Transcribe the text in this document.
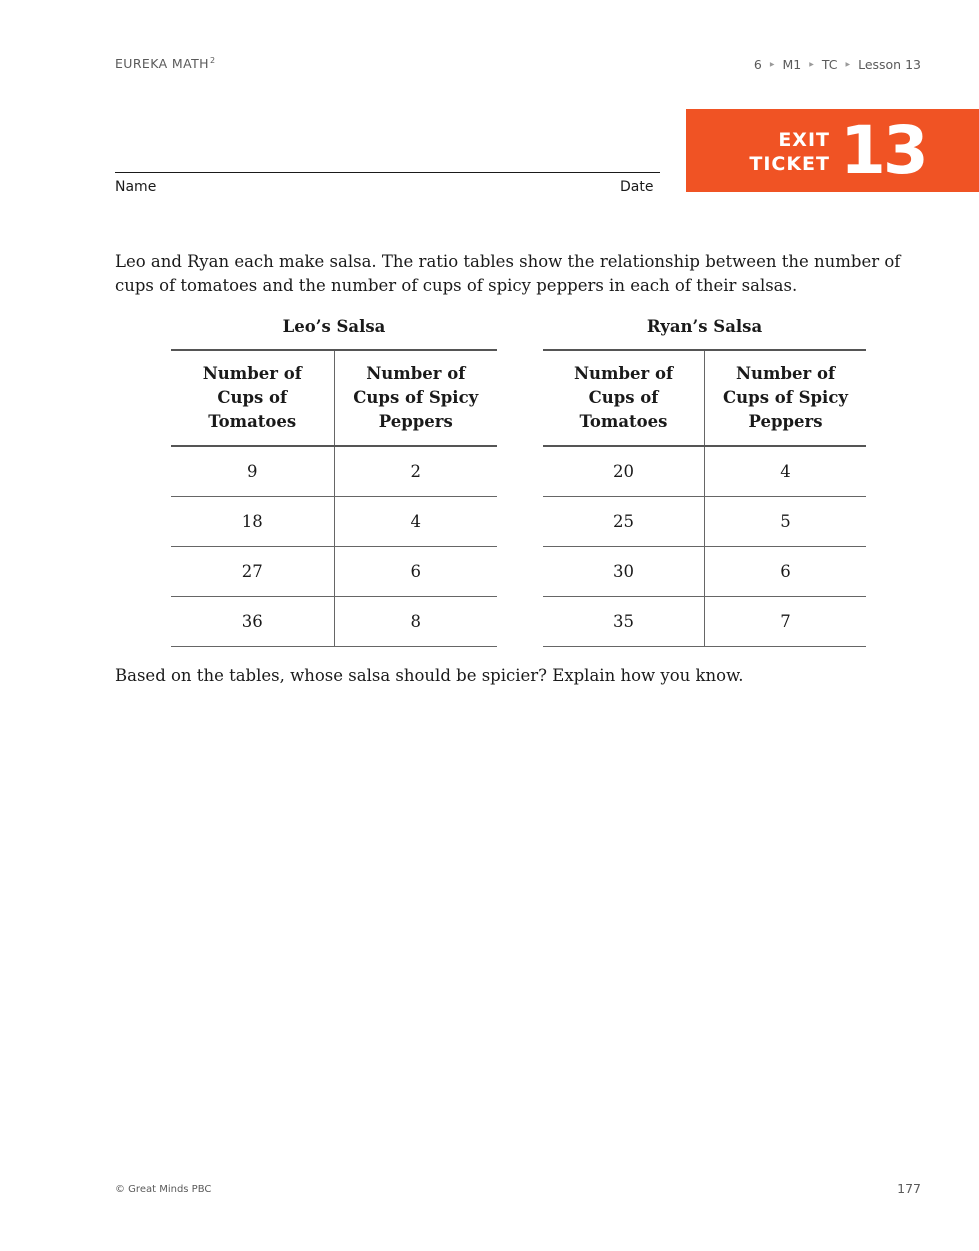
EUREKA MATH$^2$	6 ▶ M1 ▶ TC ▶ Lesson 13
Name	Date
EXIT
TICKET 13
Leo and Ryan each make salsa. The ratio tables show the relationship between the number of cups of tomatoes and the number of cups of spicy peppers in each of their salsas.
Leo’s Salsa
Number of Cups of Tomatoes	Number of Cups of Spicy Peppers
9	2
18	4
27	6
36	8
Ryan’s Salsa
Number of Cups of Tomatoes	Number of Cups of Spicy Peppers
20	4
25	5
30	6
35	7
Based on the tables, whose salsa should be spicier? Explain how you know.
© Great Minds PBC	177
